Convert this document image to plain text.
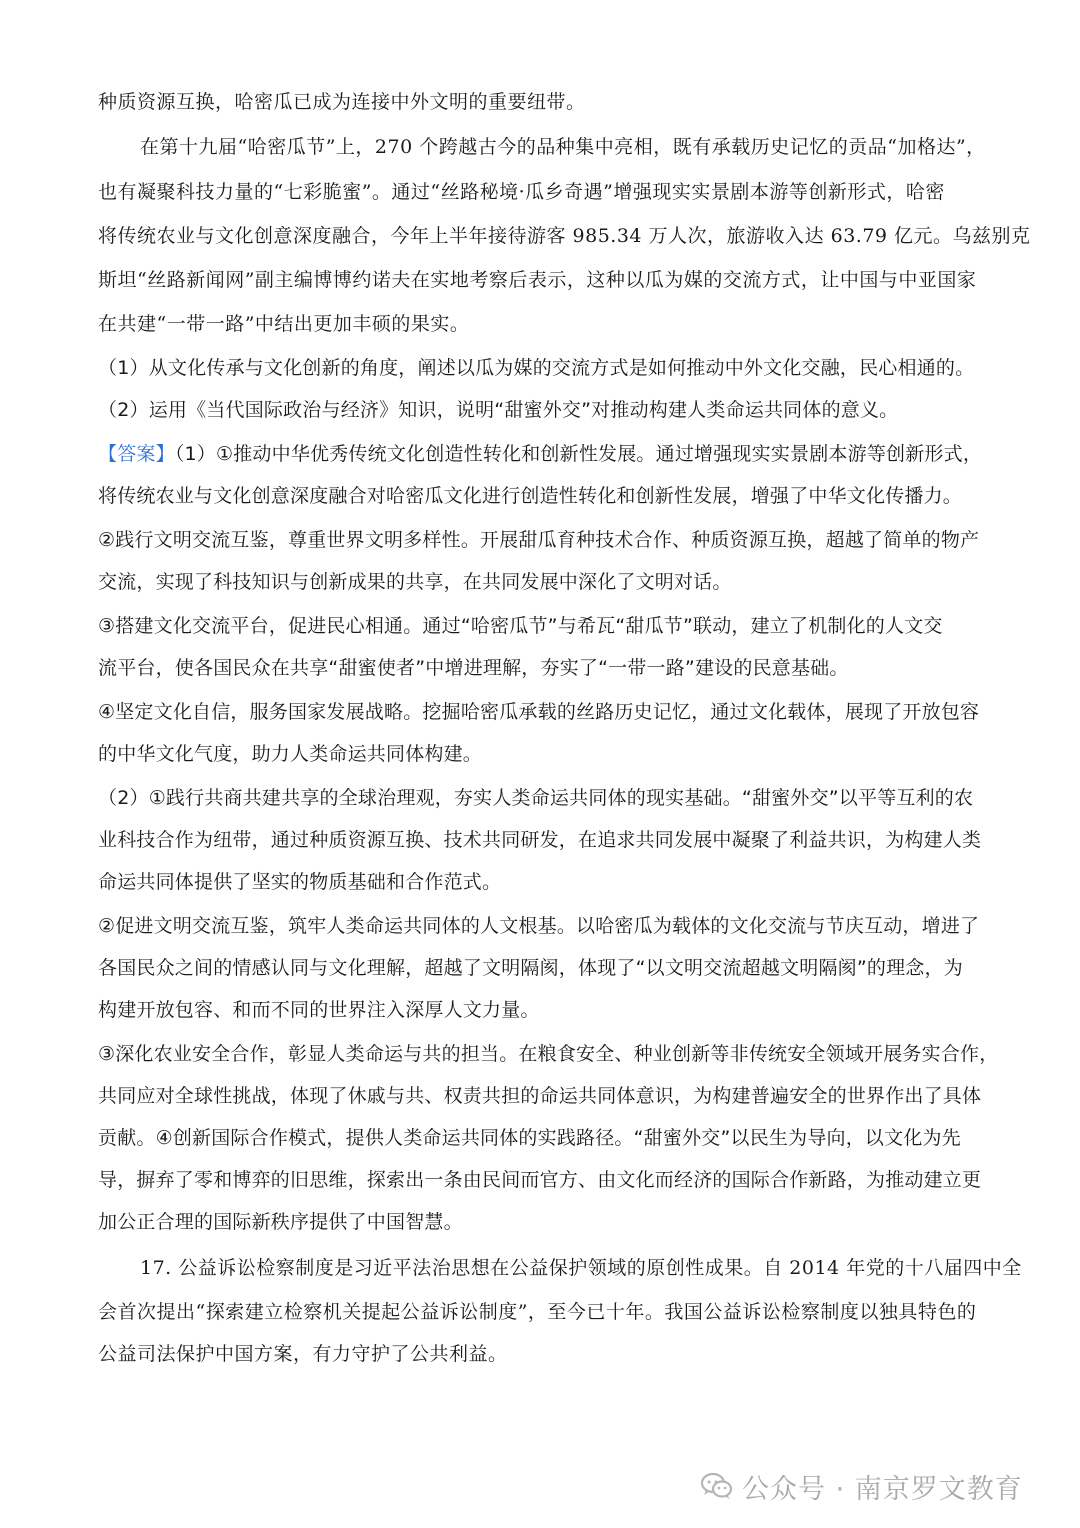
种质资源互换，哈密瓜已成为连接中外文明的重要纽带。
在第十九届“哈密瓜节”上，270 个跨越古今的品种集中亮相，既有承载历史记忆的贡品“加格达”，
也有凝聚科技力量的“七彩脆蜜”。通过“丝路秘境·瓜乡奇遇”增强现实实景剧本游等创新形式，哈密
将传统农业与文化创意深度融合，今年上半年接待游客 985.34 万人次，旅游收入达 63.79 亿元。乌兹别克
斯坦“丝路新闻网”副主编博博约诺夫在实地考察后表示，这种以瓜为媒的交流方式，让中国与中亚国家
在共建“一带一路”中结出更加丰硕的果实。
（1）从文化传承与文化创新的角度，阐述以瓜为媒的交流方式是如何推动中外文化交融，民心相通的。
（2）运用《当代国际政治与经济》知识，说明“甜蜜外交”对推动构建人类命运共同体的意义。
【答案】（1）①推动中华优秀传统文化创造性转化和创新性发展。通过增强现实实景剧本游等创新形式，
将传统农业与文化创意深度融合对哈密瓜文化进行创造性转化和创新性发展，增强了中华文化传播力。
②践行文明交流互鉴，尊重世界文明多样性。开展甜瓜育种技术合作、种质资源互换，超越了简单的物产
交流，实现了科技知识与创新成果的共享，在共同发展中深化了文明对话。
③搭建文化交流平台，促进民心相通。通过“哈密瓜节”与希瓦“甜瓜节”联动，建立了机制化的人文交
流平台，使各国民众在共享“甜蜜使者”中增进理解，夯实了“一带一路”建设的民意基础。
④坚定文化自信，服务国家发展战略。挖掘哈密瓜承载的丝路历史记忆，通过文化载体，展现了开放包容
的中华文化气度，助力人类命运共同体构建。
（2）①践行共商共建共享的全球治理观，夯实人类命运共同体的现实基础。“甜蜜外交”以平等互利的农
业科技合作为纽带，通过种质资源互换、技术共同研发，在追求共同发展中凝聚了利益共识，为构建人类
命运共同体提供了坚实的物质基础和合作范式。
②促进文明交流互鉴，筑牢人类命运共同体的人文根基。以哈密瓜为载体的文化交流与节庆互动，增进了
各国民众之间的情感认同与文化理解，超越了文明隔阂，体现了“以文明交流超越文明隔阂”的理念，为
构建开放包容、和而不同的世界注入深厚人文力量。
③深化农业安全合作，彰显人类命运与共的担当。在粮食安全、种业创新等非传统安全领域开展务实合作，
共同应对全球性挑战，体现了休戚与共、权责共担的命运共同体意识，为构建普遍安全的世界作出了具体
贡献。④创新国际合作模式，提供人类命运共同体的实践路径。“甜蜜外交”以民生为导向，以文化为先
导，摒弃了零和博弈的旧思维，探索出一条由民间而官方、由文化而经济的国际合作新路，为推动建立更
加公正合理的国际新秩序提供了中国智慧。
17. 公益诉讼检察制度是习近平法治思想在公益保护领域的原创性成果。自 2014 年党的十八届四中全
会首次提出“探索建立检察机关提起公益诉讼制度”，至今已十年。我国公益诉讼检察制度以独具特色的
公益司法保护中国方案，有力守护了公共利益。
公众号 · 南京罗文教育
